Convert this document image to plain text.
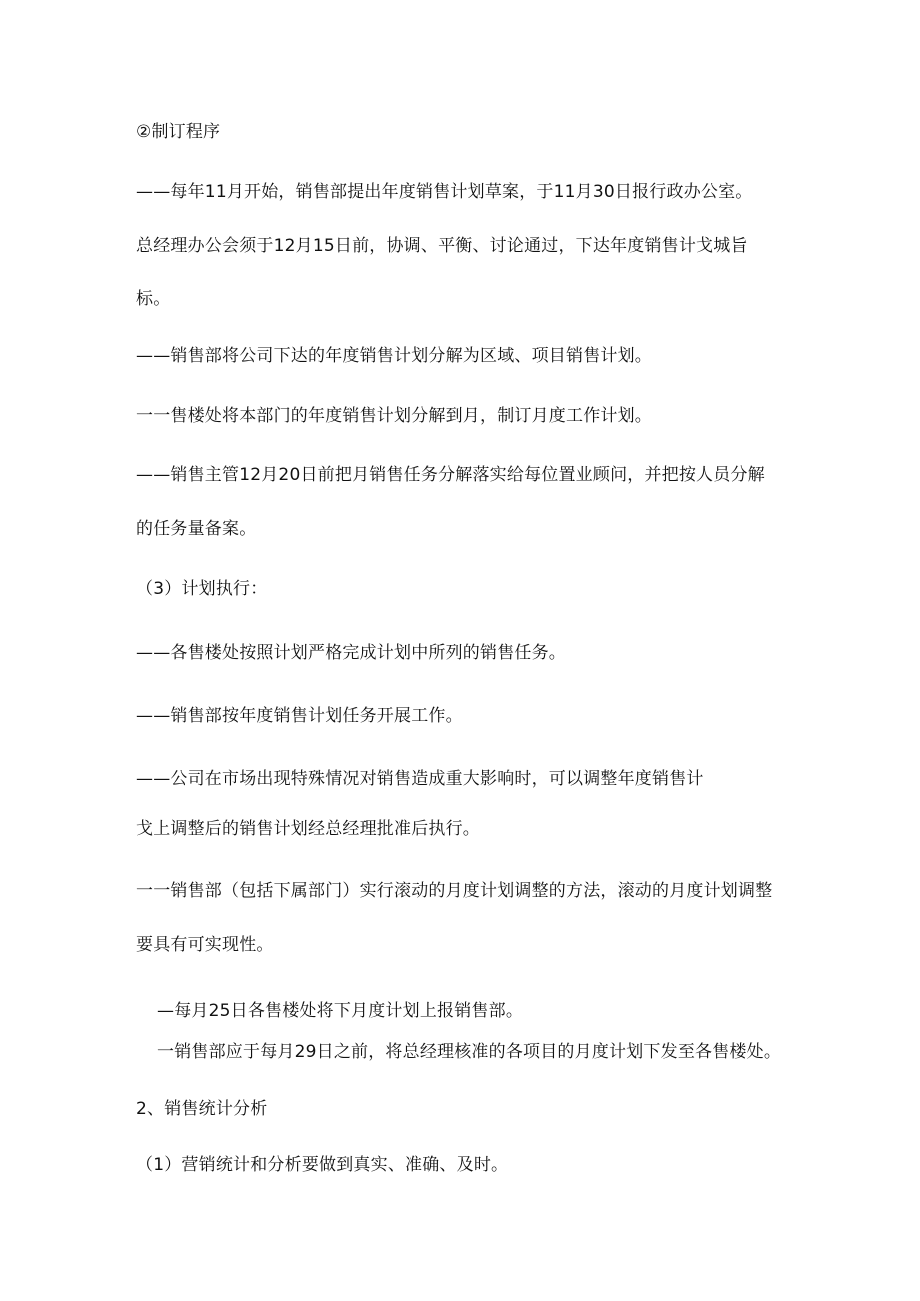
②制订程序
——每年11月开始，销售部提出年度销售计划草案，于11月30日报行政办公室。
总经理办公会须于12月15日前，协调、平衡、讨论通过，下达年度销售计戈城旨
标。
——销售部将公司下达的年度销售计划分解为区域、项目销售计划。
一一售楼处将本部门的年度销售计划分解到月，制订月度工作计划。
——销售主管12月20日前把月销售任务分解落实给每位置业顾问，并把按人员分解
的任务量备案。
（3）计划执行：
——各售楼处按照计划严格完成计划中所列的销售任务。
——销售部按年度销售计划任务开展工作。
——公司在市场出现特殊情况对销售造成重大影响时，可以调整年度销售计
戈上调整后的销售计划经总经理批准后执行。
一一销售部（包括下属部门）实行滚动的月度计划调整的方法，滚动的月度计划调整
要具有可实现性。
—每月25日各售楼处将下月度计划上报销售部。
一销售部应于每月29日之前，将总经理核准的各项目的月度计划下发至各售楼处。
2、销售统计分析
（1）营销统计和分析要做到真实、准确、及时。
